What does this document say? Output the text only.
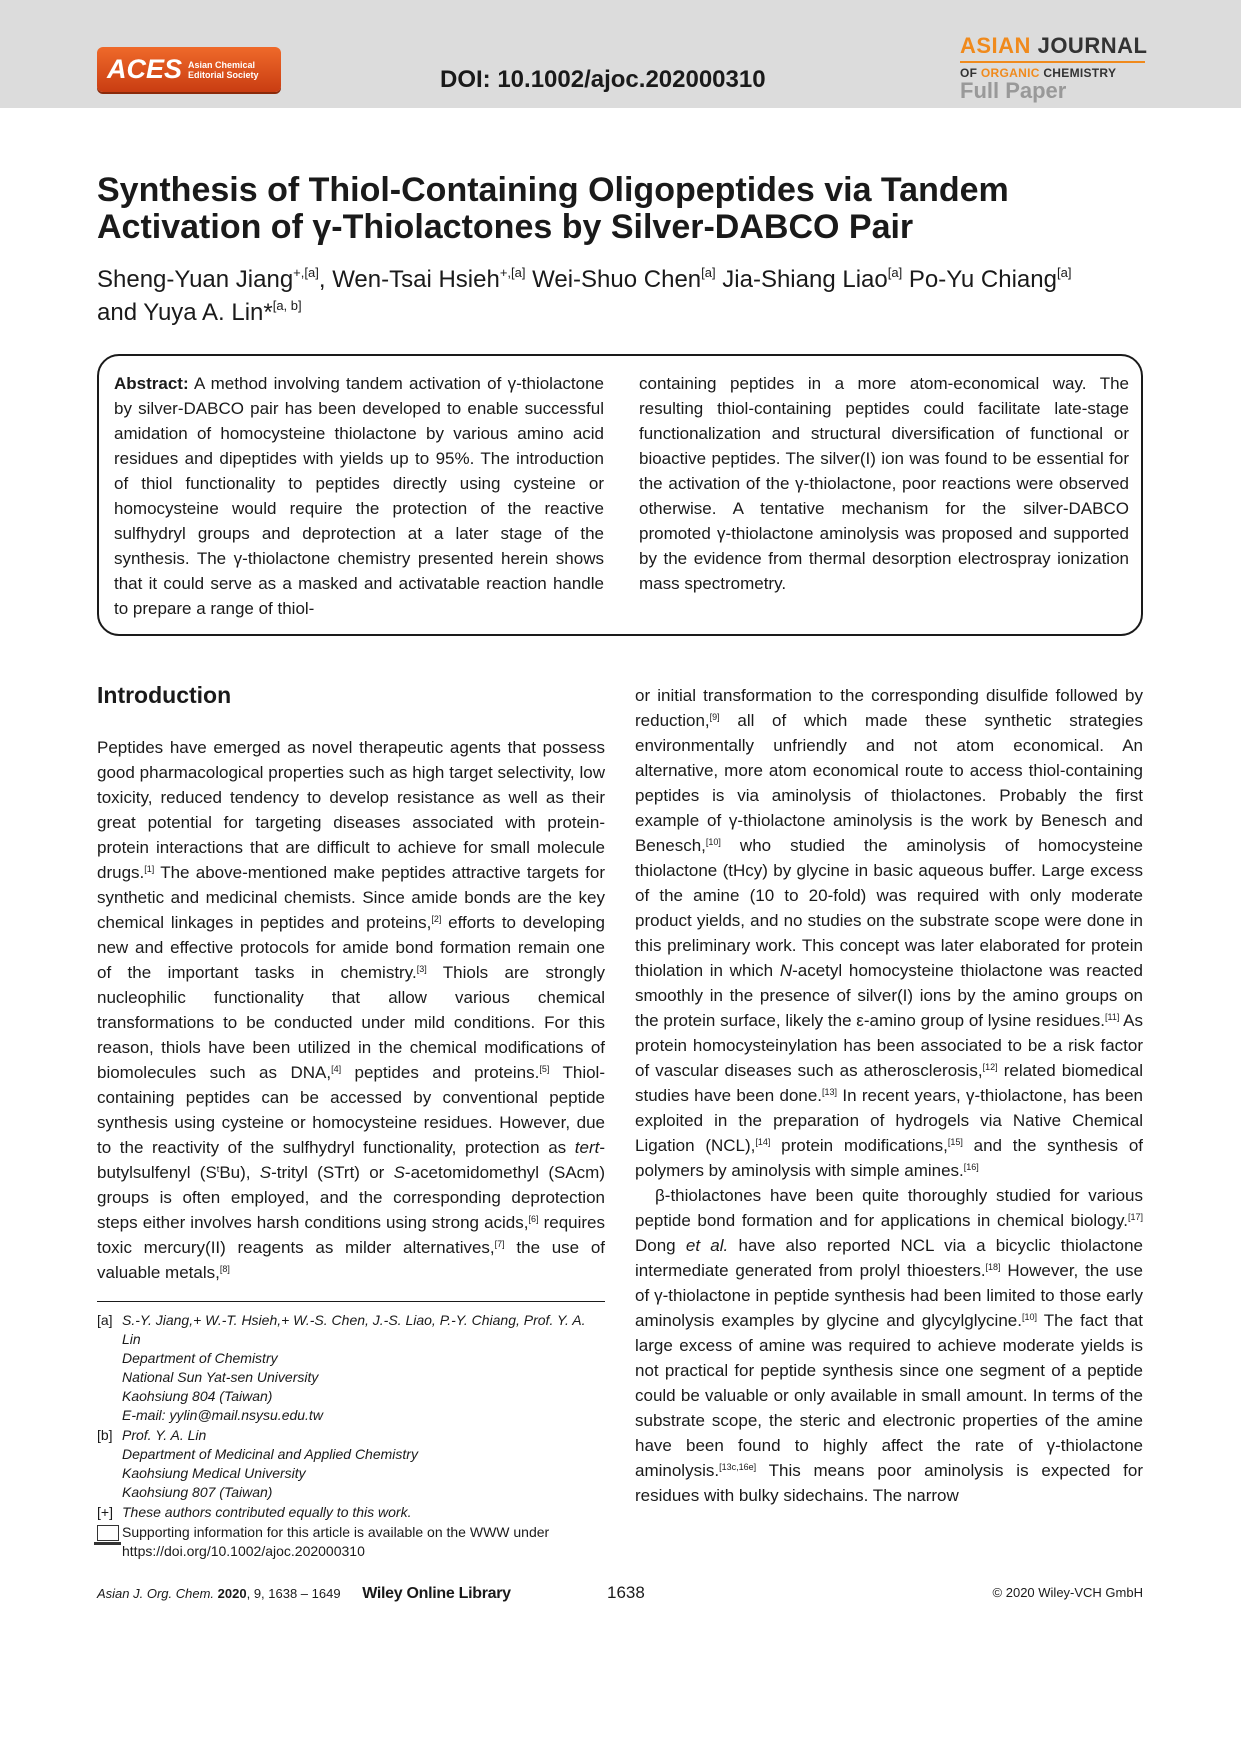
ACES Asian Chemical
Editorial Society	DOI: 10.1002/ajoc.202000310
ASIAN JOURNAL
OF ORGANIC CHEMISTRY
Full Paper
Synthesis of Thiol-Containing Oligopeptides via Tandem Activation of γ-Thiolactones by Silver-DABCO Pair
Sheng-Yuan Jiang$^{+,[a]}$, Wen-Tsai Hsieh$^{+,[a]}$ Wei-Shuo Chen[a] Jia-Shiang Liao[a] Po-Yu Chiang[a]
and Yuya A. Lin*[a, b]
Abstract: A method involving tandem activation of γ-thiolactone by silver-DABCO pair has been developed to enable successful amidation of homocysteine thiolactone by various amino acid residues and dipeptides with yields up to 95%. The introduction of thiol functionality to peptides directly using cysteine or homocysteine would require the protection of the reactive sulfhydryl groups and deprotection at a later stage of the synthesis. The γ-thiolactone chemistry presented herein shows that it could serve as a masked and activatable reaction handle to prepare a range of thiol-
containing peptides in a more atom-economical way. The resulting thiol-containing peptides could facilitate late-stage functionalization and structural diversification of functional or bioactive peptides. The silver(I) ion was found to be essential for the activation of the γ-thiolactone, poor reactions were observed otherwise. A tentative mechanism for the silver-DABCO promoted γ-thiolactone aminolysis was proposed and supported by the evidence from thermal desorption electrospray ionization mass spectrometry.
Introduction

Peptides have emerged as novel therapeutic agents that possess good pharmacological properties such as high target selectivity, low toxicity, reduced tendency to develop resistance as well as their great potential for targeting diseases associated with protein-protein interactions that are difficult to achieve for small molecule drugs.[1] The above-mentioned make peptides attractive targets for synthetic and medicinal chemists. Since amide bonds are the key chemical linkages in peptides and proteins,[2] efforts to developing new and effective protocols for amide bond formation remain one of the important tasks in chemistry.[3] Thiols are strongly nucleophilic functionality that allow various chemical transformations to be conducted under mild conditions. For this reason, thiols have been utilized in the chemical modifications of biomolecules such as DNA,[4] peptides and proteins.[5] Thiol-containing peptides can be accessed by conventional peptide synthesis using cysteine or homocysteine residues. However, due to the reactivity of the sulfhydryl functionality, protection as tert-butylsulfenyl $(S^tBu)$, S-trityl (STrt) or S-acetomidomethyl (SAcm) groups is often employed, and the corresponding deprotection steps either involves harsh conditions using strong acids,[6] requires toxic mercury(II) reagents as milder alternatives,[7] the use of valuable metals,[8]

or initial transformation to the corresponding disulfide followed by reduction,[9] all of which made these synthetic strategies environmentally unfriendly and not atom economical. An alternative, more atom economical route to access thiol-containing peptides is via aminolysis of thiolactones. Probably the first example of γ-thiolactone aminolysis is the work by Benesch and Benesch,[10] who studied the aminolysis of homocysteine thiolactone (tHcy) by glycine in basic aqueous buffer. Large excess of the amine (10 to 20-fold) was required with only moderate product yields, and no studies on the substrate scope were done in this preliminary work. This concept was later elaborated for protein thiolation in which N-acetyl homocysteine thiolactone was reacted smoothly in the presence of silver(I) ions by the amino groups on the protein surface, likely the ε-amino group of lysine residues.[11] As protein homocysteinylation has been associated to be a risk factor of vascular diseases such as atherosclerosis,[12] related biomedical studies have been done.[13] In recent years, γ-thiolactone, has been exploited in the preparation of hydrogels via Native Chemical Ligation (NCL),[14] protein modifications,[15] and the synthesis of polymers by aminolysis with simple amines.[16]

β-thiolactones have been quite thoroughly studied for various peptide bond formation and for applications in chemical biology.[17] Dong et al. have also reported NCL via a bicyclic thiolactone intermediate generated from prolyl thioesters.[18] However, the use of γ-thiolactone in peptide synthesis had been limited to those early aminolysis examples by glycine and glycylglycine.[10] The fact that large excess of amine was required to achieve moderate yields is not practical for peptide synthesis since one segment of a peptide could be valuable or only available in small amount. In terms of the substrate scope, the steric and electronic properties of the amine have been found to highly affect the rate of γ-thiolactone aminolysis.[13c,16e] This means poor aminolysis is expected for residues with bulky sidechains. The narrow

[a] S.-Y. Jiang,+ W.-T. Hsieh,+ W.-S. Chen, J.-S. Liao, P.-Y. Chiang, Prof. Y. A. Lin
Department of Chemistry
National Sun Yat-sen University
Kaohsiung 804 (Taiwan)
E-mail: yylin@mail.nsysu.edu.tw
[b] Prof. Y. A. Lin
Department of Medicinal and Applied Chemistry
Kaohsiung Medical University
Kaohsiung 807 (Taiwan)
[+] These authors contributed equally to this work.
Supporting information for this article is available on the WWW under https://doi.org/10.1002/ajoc.202000310
Asian J. Org. Chem. 2020, 9, 1638 – 1649 Wiley Online Library	1638	© 2020 Wiley-VCH GmbH
